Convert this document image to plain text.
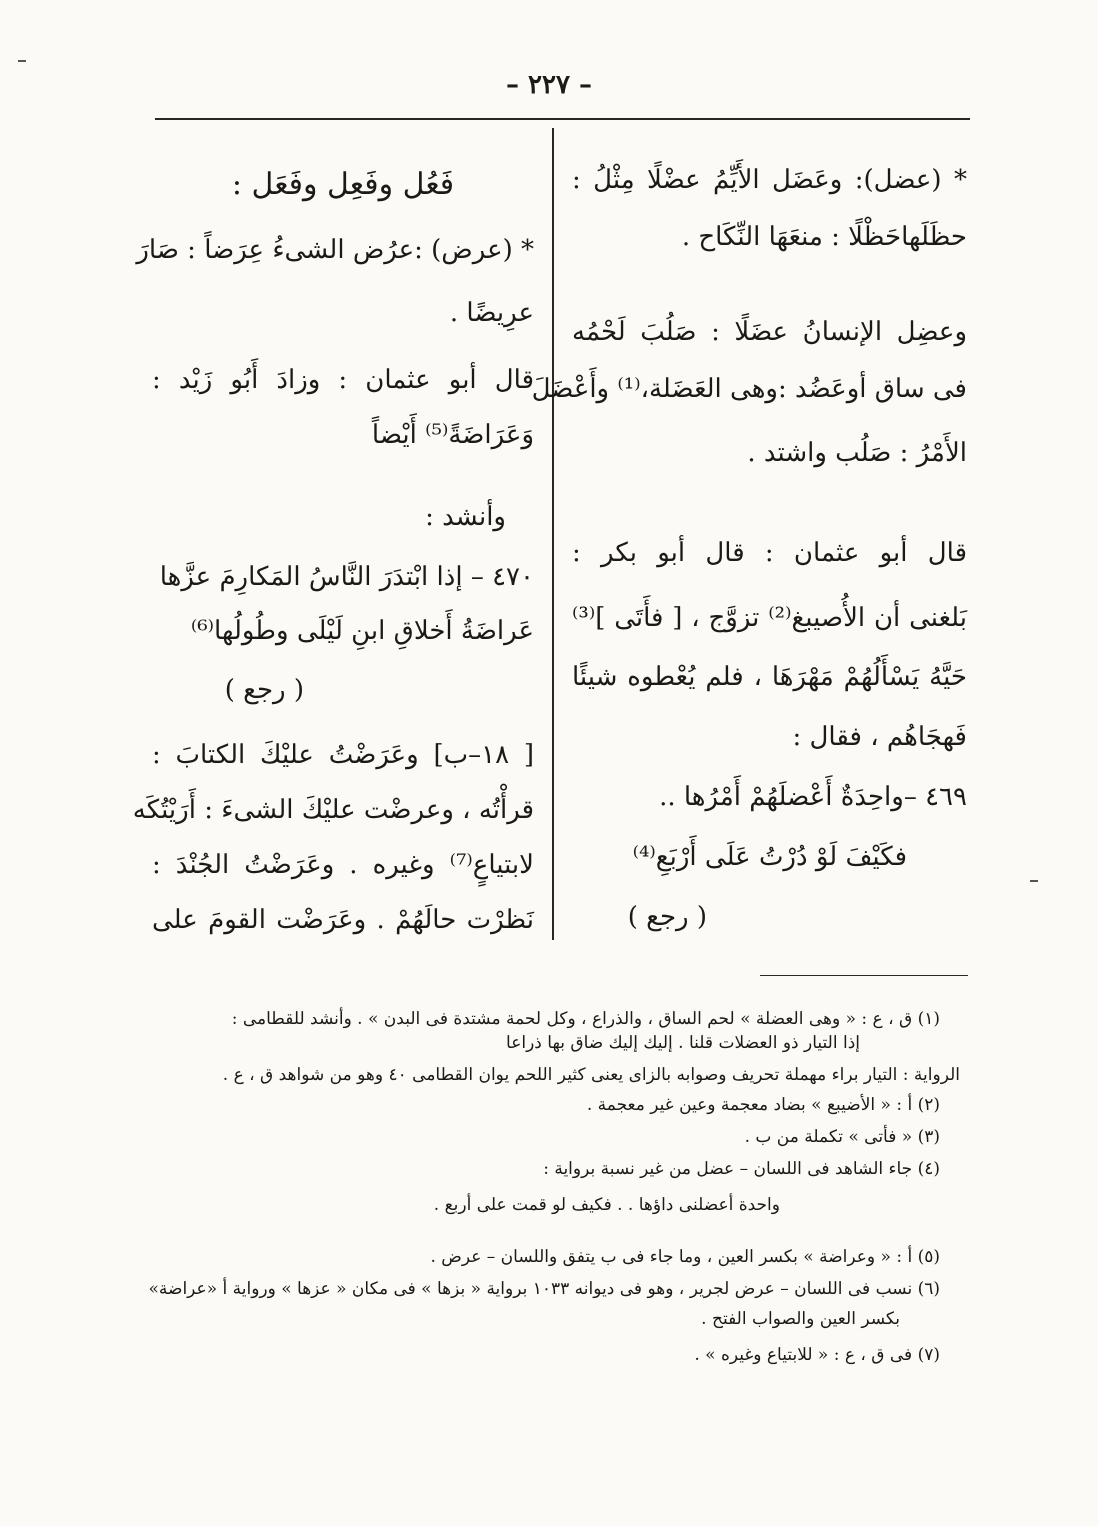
– ٢٢٧ –
* (عضل): وعَضَل الأَيِّمُ عضْلًا مِثْلُ :
حظَلَهاحَظْلًا : منعَهَا النِّكَاح .
وعضِل الإنسانُ عضَلًا : صَلُبَ لَحْمُه
فى ساق أوعَضُد :وهى العَضَلة،⁽¹⁾ وأَعْضَلَ
الأَمْرُ : صَلُب واشتد .
قال أبو عثمان : قال أبو بكر :
بَلغنى أن الأُصيبغ⁽²⁾ تزوَّج ، [ فأَتَى ]⁽³⁾
حَيَّهُ يَسْأَلُهُمْ مَهْرَهَا ، فلم يُعْطوه شيئًا
فَهجَاهُم ، فقال :
٤٦٩ –واحِدَةٌ أَعْضلَهُمْ أَمْرُها ..
فكَيْفَ لَوْ دُرْتُ عَلَى أَرْبَعِ⁽⁴⁾
( رجع )
فَعُل وفَعِل وفَعَل :
* (عرض) :عرُض الشىءُ عِرَضاً : صَارَ
عرِيضًا .
قال أبو عثمان : وزادَ أَبُو زَيْد :
وَعَرَاضَةً⁽⁵⁾ أَيْضاً
وأنشد :
٤٧٠ – إذا ابْتدَرَ النَّاسُ المَكارِمَ عزَّها
عَراضَةُ أَخلاقِ ابنِ لَيْلَى وطُولُها⁽⁶⁾
( رجع )
[ ١٨–ب] وعَرَضْتُ عليْكَ الكتابَ :
قرأْتُه ، وعرضْت عليْكَ الشىءَ : أَرَيْتُكَه
لابتياعٍ⁽⁷⁾ وغيره . وعَرَضْتُ الجُنْدَ :
نَظرْت حالَهُمْ . وعَرَضْت القومَ على
(١) ق ، ع : « وهى العضلة » لحم الساق ، والذراع ، وكل لحمة مشتدة فى البدن » . وأنشد للقطامى :
إذا التيار ذو العضلات قلنا . إليك إليك ضاق بها ذراعا
الرواية : التيار براء مهملة تحريف وصوابه بالزاى يعنى كثير اللحم يوان القطامى ٤٠ وهو من شواهد ق ، ع .
(٢) أ : « الأضيبع » بضاد معجمة وعين غير معجمة .
(٣) « فأتى » تكملة من ب .
(٤) جاء الشاهد فى اللسان – عضل من غير نسبة برواية :
واحدة أعضلنى داؤها . . فكيف لو قمت على أربع .
(٥) أ : « وعراضة » بكسر العين ، وما جاء فى ب يتفق واللسان – عرض .
(٦) نسب فى اللسان – عرض لجرير ، وهو فى ديوانه ١٠٣٣ برواية « بزها » فى مكان « عزها » ورواية أ «عراضة»
بكسر العين والصواب الفتح .
(٧) فى ق ، ع : « للابتياع وغيره » .
